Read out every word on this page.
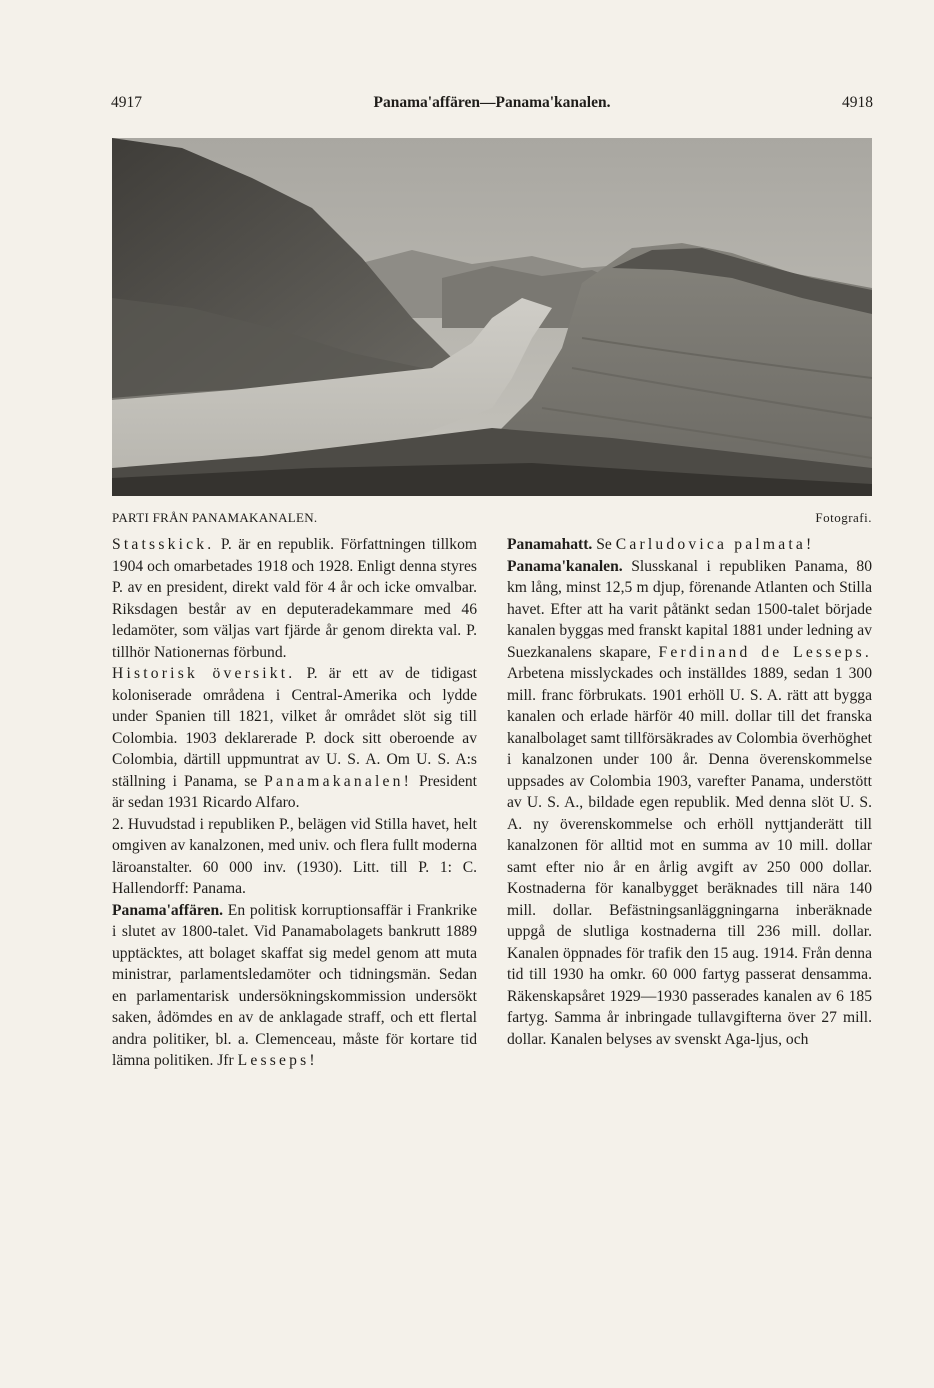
4917	Panama'affären—Panama'kanalen.	4918
PARTI FRÅN PANAMAKANALEN.	Fotografi.

Statsskick. P. är en republik. Författningen tillkom 1904 och omarbetades 1918 och 1928. Enligt denna styres P. av en president, direkt vald för 4 år och icke omvalbar. Riksdagen består av en deputeradekammare med 46 ledamöter, som väljas vart fjärde år genom direkta val. P. tillhör Nationernas förbund.

Historisk översikt. P. är ett av de tidigast koloniserade områdena i Central-Amerika och lydde under Spanien till 1821, vilket år området slöt sig till Colombia. 1903 deklarerade P. dock sitt oberoende av Colombia, därtill uppmuntrat av U. S. A. Om U. S. A:s ställning i Panama, se Panamakanalen! President är sedan 1931 Ricardo Alfaro.

2. Huvudstad i republiken P., belägen vid Stilla havet, helt omgiven av kanalzonen, med univ. och flera fullt moderna läroanstalter. 60 000 inv. (1930). Litt. till P. 1: C. Hallendorff: Panama.

Panama'affären. En politisk korruptionsaffär i Frankrike i slutet av 1800-talet. Vid Panamabolagets bankrutt 1889 upptäcktes, att bolaget skaffat sig medel genom att muta ministrar, parlamentsledamöter och tidningsmän. Sedan en parlamentarisk undersökningskommission undersökt saken, ådömdes en av de anklagade straff, och ett flertal andra politiker, bl. a. Clemenceau, måste för kortare tid lämna politiken. Jfr Lesseps!

Panamahatt. Se Carludovica palmata!

Panama'kanalen. Slusskanal i republiken Panama, 80 km lång, minst 12,5 m djup, förenande Atlanten och Stilla havet. Efter att ha varit påtänkt sedan 1500-talet började kanalen byggas med franskt kapital 1881 under ledning av Suezkanalens skapare, Ferdinand de Lesseps. Arbetena misslyckades och inställdes 1889, sedan 1 300 mill. franc förbrukats. 1901 erhöll U. S. A. rätt att bygga kanalen och erlade härför 40 mill. dollar till det franska kanalbolaget samt tillförsäkrades av Colombia överhöghet i kanalzonen under 100 år. Denna överenskommelse uppsades av Colombia 1903, varefter Panama, understött av U. S. A., bildade egen republik. Med denna slöt U. S. A. ny överenskommelse och erhöll nyttjanderätt till kanalzonen för alltid mot en summa av 10 mill. dollar samt efter nio år en årlig avgift av 250 000 dollar. Kostnaderna för kanalbygget beräknades till nära 140 mill. dollar. Befästningsanläggningarna inberäknade uppgå de slutliga kostnaderna till 236 mill. dollar. Kanalen öppnades för trafik den 15 aug. 1914. Från denna tid till 1930 ha omkr. 60 000 fartyg passerat densamma. Räkenskapsåret 1929—1930 passerades kanalen av 6 185 fartyg. Samma år inbringade tullavgifterna över 27 mill. dollar. Kanalen belyses av svenskt Aga-ljus, och
